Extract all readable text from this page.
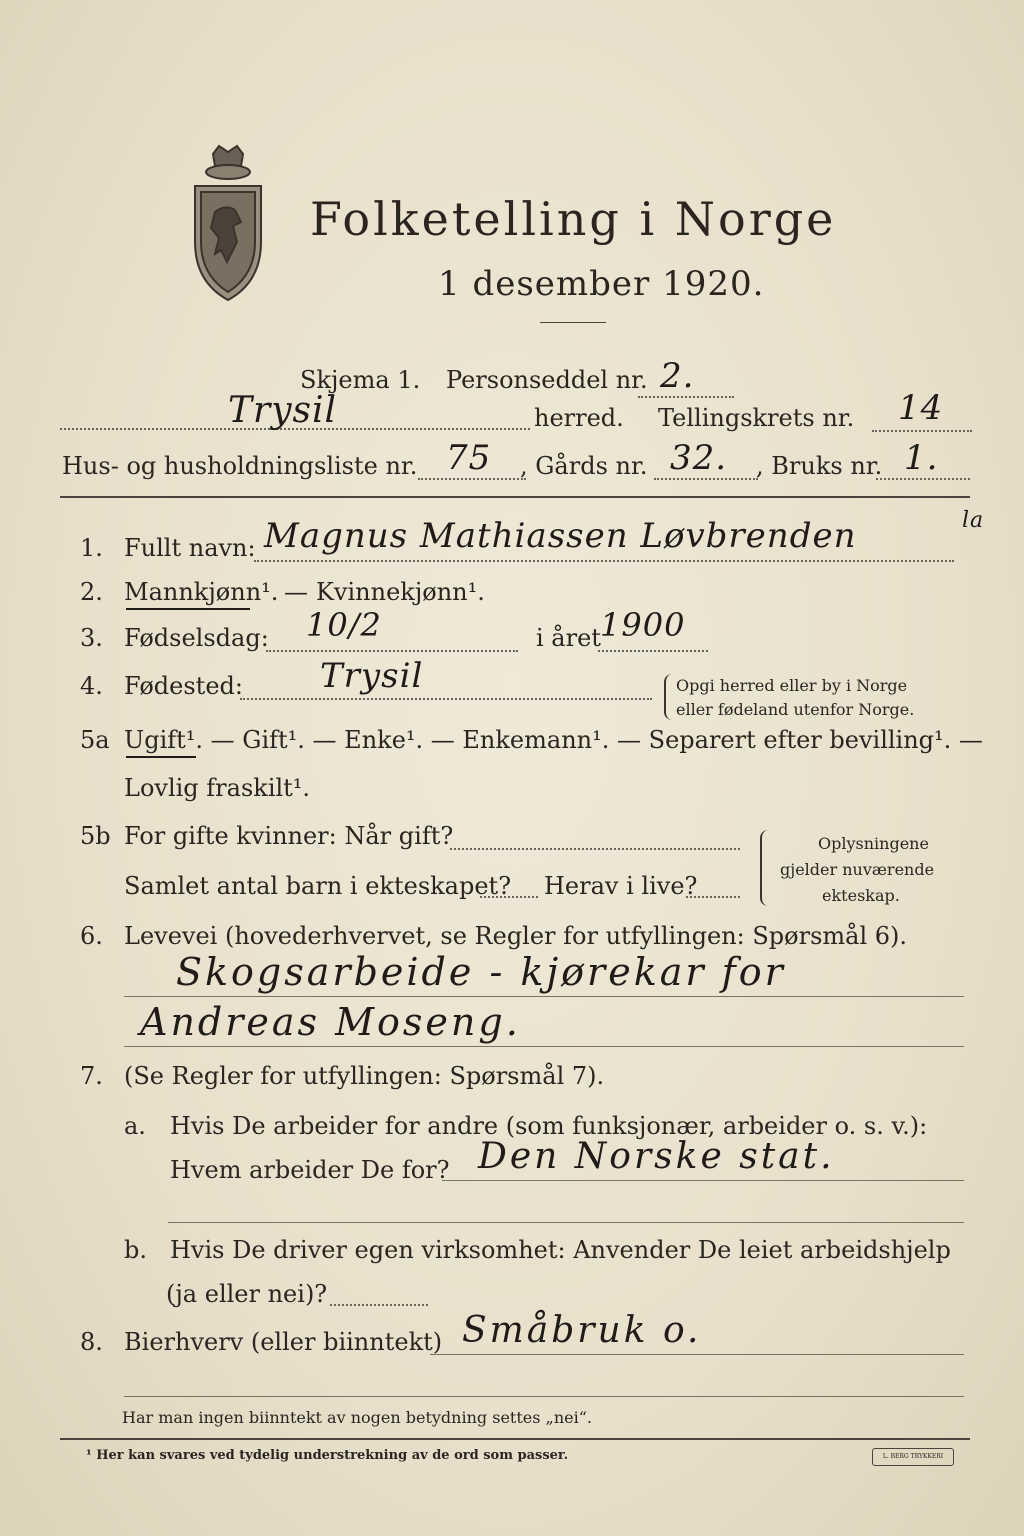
Folketelling i Norge
1 desember 1920.
Skjema 1. Personseddel nr. 2.
Trysil	herred. Tellingskrets nr. 14
Hus- og husholdningsliste nr. 75 , Gårds nr. 32. , Bruks nr. 1.
1. Fullt navn: Magnus Mathiassen Løvbrenden	la
2. Mannkjønn¹. — Kvinnekjønn¹.
3. Fødselsdag: 10/2	i året 1900
4. Fødested: Trysil	Opgi herred eller by i Norge
eller fødeland utenfor Norge.
5a Ugift¹. — Gift¹. — Enke¹. — Enkemann¹. — Separert efter bevilling¹. —
Lovlig fraskilt¹.
5b For gifte kvinner: Når gift?
Samlet antal barn i ekteskapet? Herav i live?
Oplysningene
gjelder nuværende
ekteskap.
6. Levevei (hovederhvervet, se Regler for utfyllingen: Spørsmål 6).
Skogsarbeide - kjørekar for
Andreas Moseng.
7. (Se Regler for utfyllingen: Spørsmål 7).
a. Hvis De arbeider for andre (som funksjonær, arbeider o. s. v.):
Hvem arbeider De for? Den Norske stat.
b. Hvis De driver egen virksomhet: Anvender De leiet arbeidshjelp
(ja eller nei)?
8. Bierhverv (eller biinntekt) Småbruk o.
Har man ingen biinntekt av nogen betydning settes „nei“.
¹ Her kan svares ved tydelig understrekning av de ord som passer.	L. BERG TRYKKERI
